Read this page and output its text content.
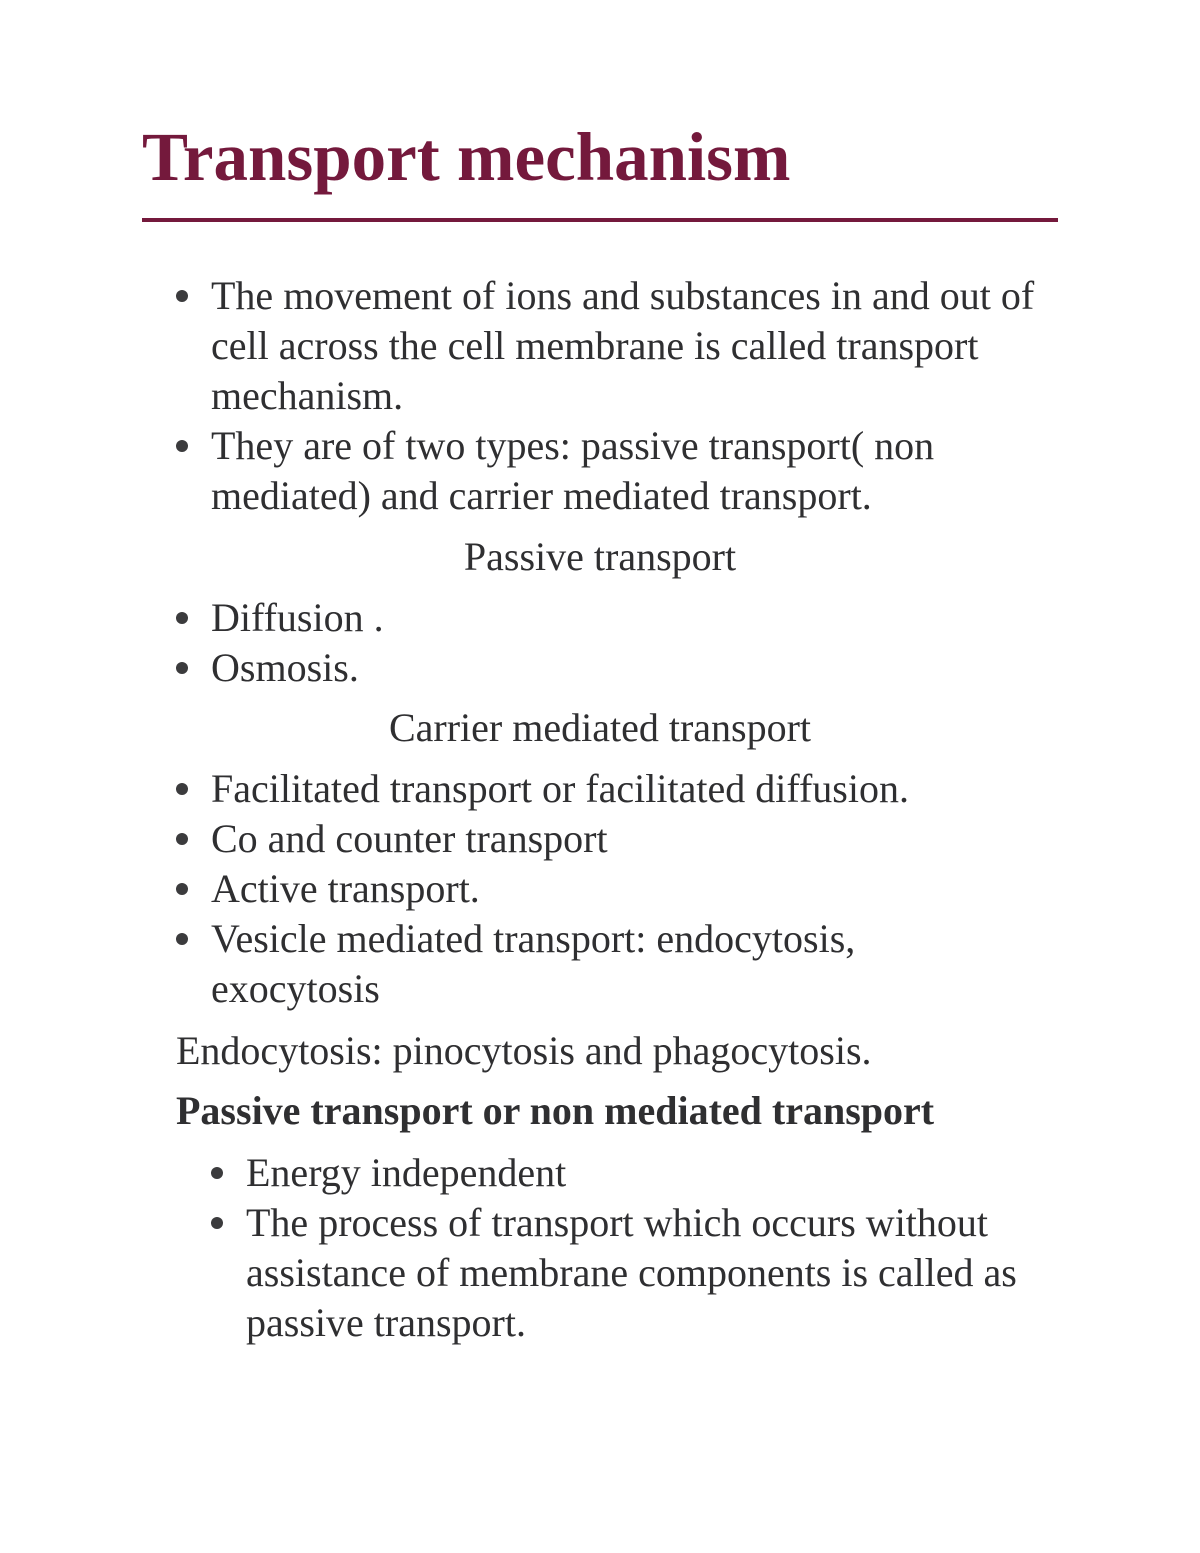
Transport mechanism
The movement of ions and substances in and out of cell across the cell membrane is called transport mechanism.
They are of two types: passive transport( non mediated) and carrier mediated transport.
Passive transport
Diffusion .
Osmosis.
Carrier mediated transport
Facilitated transport or facilitated diffusion.
Co and counter transport
Active transport.
Vesicle mediated transport: endocytosis, exocytosis

Endocytosis: pinocytosis and phagocytosis.

Passive transport or non mediated transport
Energy independent
The process of transport which occurs without assistance of membrane components is called as passive transport.
